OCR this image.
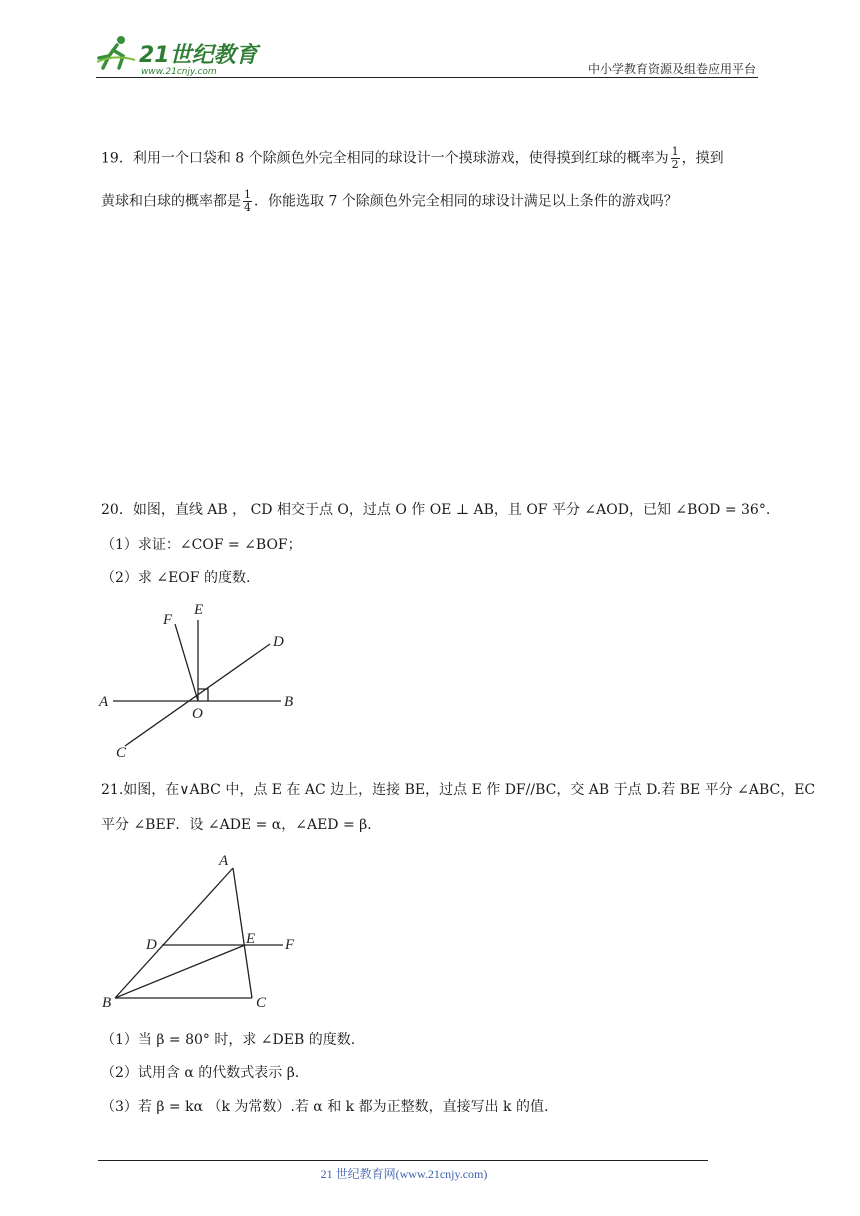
21世纪教育
www.21cnjy.com	中小学教育资源及组卷应用平台
19．利用一个口袋和 8 个除颜色外完全相同的球设计一个摸球游戏，使得摸到红球的概率为 $\frac{1}{2}$ ，摸到
黄球和白球的概率都是 $\frac{1}{4}$ ．你能选取 7 个除颜色外完全相同的球设计满足以上条件的游戏吗？
20．如图，直线 AB ， CD 相交于点 O，过点 O 作 OE ⊥ AB，且 OF 平分 ∠AOD，已知 ∠BOD = 36°.
（1）求证：∠COF = ∠BOF；
（2）求 ∠EOF 的度数.
F
E
D
A
O
B
C
21.如图，在∨ABC 中，点 E 在 AC 边上，连接 BE，过点 E 作 DF//BC，交 AB 于点 D.若 BE 平分 ∠ABC，EC
平分 ∠BEF．设 ∠ADE = α，∠AED = β．
A
D	E F
B	C
（1）当 β = 80° 时，求 ∠DEB 的度数.
（2）试用含 α 的代数式表示 β.
（3）若 β = kα （k 为常数）.若 α 和 k 都为正整数，直接写出 k 的值.
21 世纪教育网(www.21cnjy.com)
